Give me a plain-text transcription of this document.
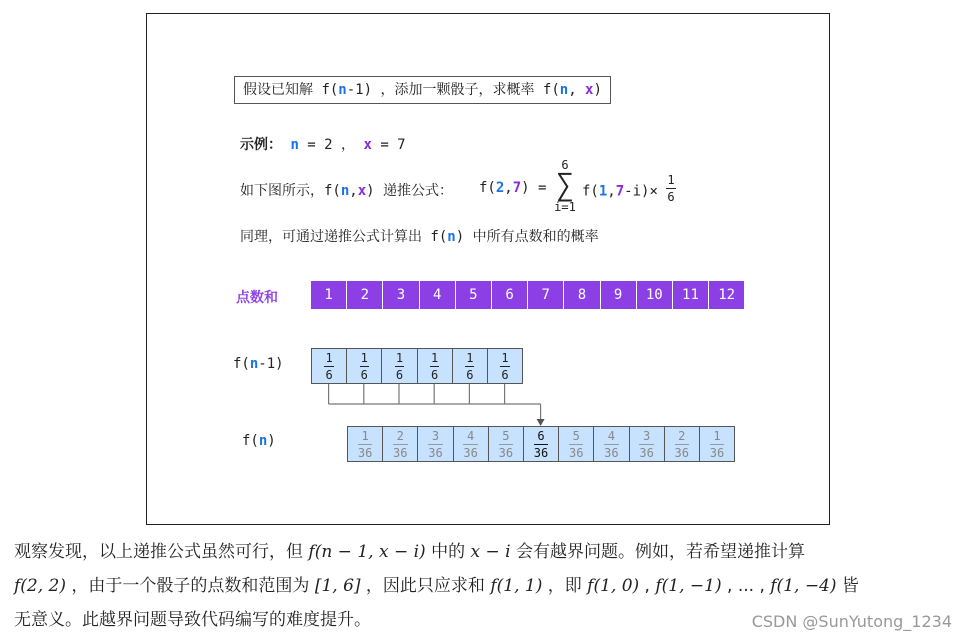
假设已知解 f(n-1) ，添加一颗骰子，求概率 f(n, x)
示例： n = 2 ， x = 7
如下图所示，f(n,x) 递推公式： f(2,7) =
6
∑
i=1
$f(1,7-i)\times \frac{1}{6}$
同理，可通过递推公式计算出 f(n) 中所有点数和的概率
点数和	1	2	3	4	5	6	7	8	9	10	11	12
f(n-1)	$\frac{1}{6} \frac{1}{6} \frac{1}{6} \frac{1}{6} \frac{1}{6} \frac{1}{6}$
f(n)	$\frac{1}{36} \frac{2}{36} \frac{3}{36} \frac{4}{36} \frac{5}{36} \frac{6}{36} \frac{5}{36} \frac{4}{36} \frac{3}{36} \frac{2}{36} \frac{1}{36}$
观察发现，以上递推公式虽然可行，但 f(n − 1, x − i) 中的 x − i 会有越界问题。例如，若希望递推计算
f(2, 2) ，由于一个骰子的点数和范围为 [1, 6] ，因此只应求和 f(1, 1) ，即 f(1, 0) , f(1, −1) , ... , f(1, −4) 皆
无意义。此越界问题导致代码编写的难度提升。	CSDN @SunYutong_1234
